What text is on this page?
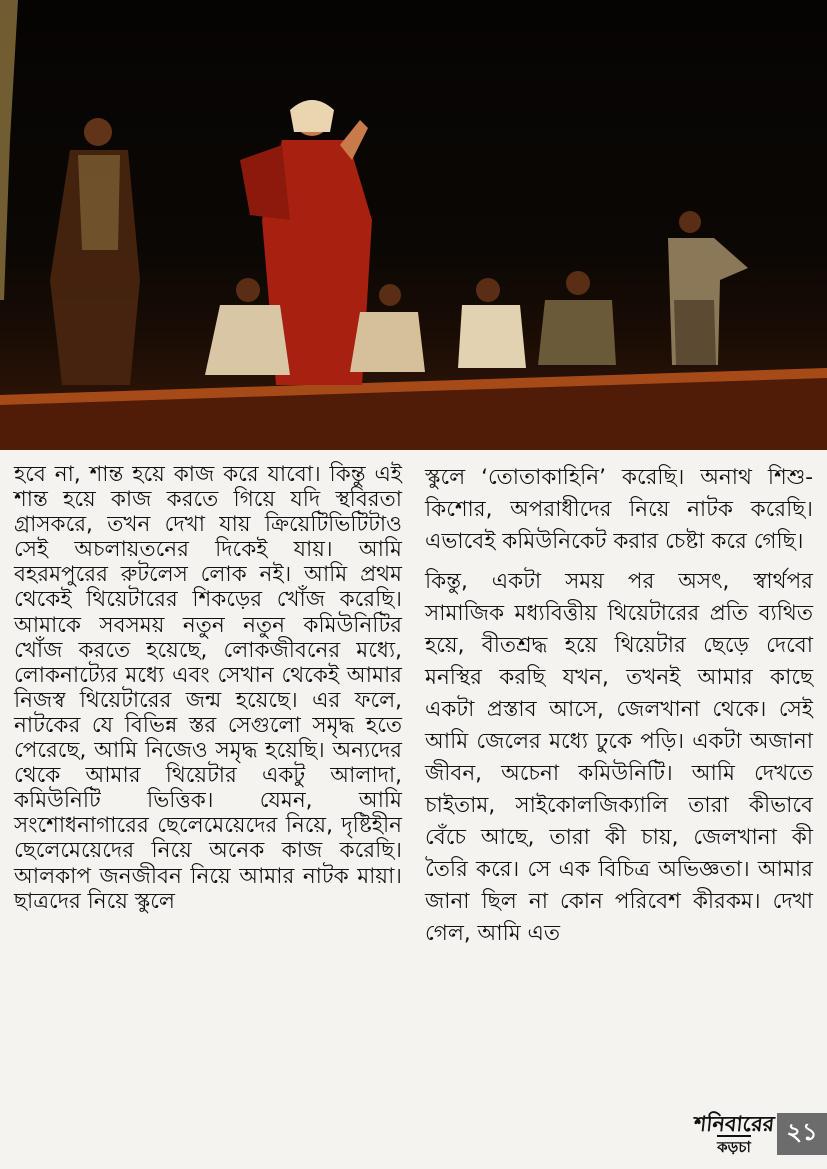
হবে না, শান্ত হয়ে কাজ করে যাবো। কিন্তু এই শান্ত হয়ে কাজ করতে গিয়ে যদি স্থবিরতা গ্রাসকরে, তখন দেখা যায় ক্রিয়েটিভিটিটাও সেই অচলায়তনের দিকেই যায়। আমি বহরমপুরের রুটলেস লোক নই। আমি প্রথম থেকেই থিয়েটারের শিকড়ের খোঁজ করেছি। আমাকে সবসময় নতুন নতুন কমিউনিটির খোঁজ করতে হয়েছে, লোকজীবনের মধ্যে, লোকনাট্যের মধ্যে এবং সেখান থেকেই আমার নিজস্ব থিয়েটারের জন্ম হয়েছে। এর ফলে, নাটকের যে বিভিন্ন স্তর সেগুলো সমৃদ্ধ হতে পেরেছে, আমি নিজেও সমৃদ্ধ হয়েছি। অন্যদের থেকে আমার থিয়েটার একটু আলাদা, কমিউনিটি ভিত্তিক। যেমন, আমি সংশোধনাগারের ছেলেমেয়েদের নিয়ে, দৃষ্টিহীন ছেলেমেয়েদের নিয়ে অনেক কাজ করেছি। আলকাপ জনজীবন নিয়ে আমার নাটক মায়া। ছাত্রদের নিয়ে স্কুলে

স্কুলে ‘তোতাকাহিনি’ করেছি। অনাথ শিশু-কিশোর, অপরাধীদের নিয়ে নাটক করেছি। এভাবেই কমিউনিকেট করার চেষ্টা করে গেছি।

কিন্তু, একটা সময় পর অসৎ, স্বার্থপর সামাজিক মধ্যবিত্তীয় থিয়েটারের প্রতি ব্যথিত হয়ে, বীতশ্রদ্ধ হয়ে থিয়েটার ছেড়ে দেবো মনস্থির করছি যখন, তখনই আমার কাছে একটা প্রস্তাব আসে, জেলখানা থেকে। সেই আমি জেলের মধ্যে ঢুকে পড়ি। একটা অজানা জীবন, অচেনা কমিউনিটি। আমি দেখতে চাইতাম, সাইকোলজিক্যালি তারা কীভাবে বেঁচে আছে, তারা কী চায়, জেলখানা কী তৈরি করে। সে এক বিচিত্র অভিজ্ঞতা। আমার জানা ছিল না কোন পরিবেশ কীরকম। দেখা গেল, আমি এত

শনিবারের
কড়চা
২১
